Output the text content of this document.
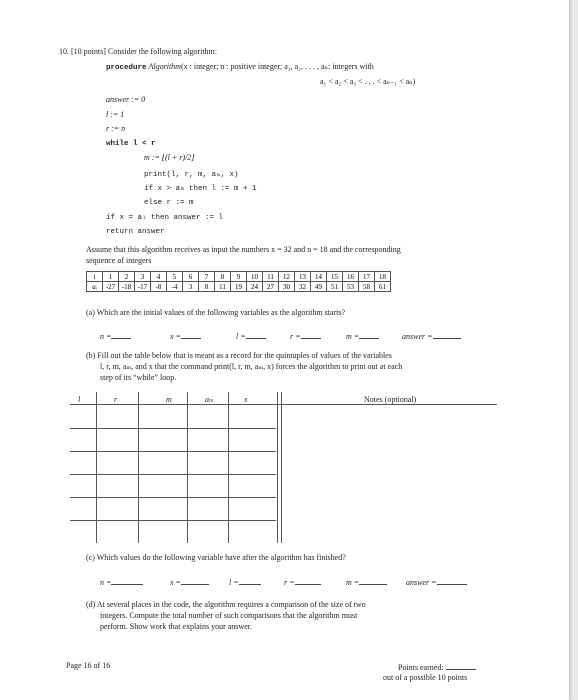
10. [10 points] Consider the following algorithm:
procedure Algorithm(x : integer; n : positive integer; a₁, a₂, . . . , aₙ: integers with
a₁ < a₂ < a₃ < . . . < aₙ₋₁ < aₙ)
answer := 0
l := 1
r := n
while l < r
m := ⌊(l + r)/2⌋
print(l, r, m, aₘ, x)
if x > aₘ then l := m + 1
else r := m
if x = aₗ then answer := l
return answer
Assume that this algorithm receives as input the numbers x = 32 and n = 18 and the corresponding
sequence of integers
i	1	2	3	4	5	6	7	8	9	10	11	12	13	14	15	16	17	18
aᵢ	-27	-18	-17	-8	-4	3	8	11	19	24	27	30	32	49	51	53	58	61
(a) Which are the initial values of the following variables as the algorithm starts?
n =	x =	l =	r =	m =	answer =
(b) Fill out the table below that is meant as a record for the quintuples of values of the variables
l, r, m, aₘ, and x that the command print(l, r, m, aₘ, x) forces the algorithm to print out at each
step of its “while” loop.
l	r	m	aₘ	x	Notes (optional)
(c) Which values do the following variable have after the algorithm has finished?
n =	x =	l =	r =	m =	answer =
(d) At several places in the code, the algorithm requires a comparison of the size of two
integers. Compute the total number of such comparisons that the algorithm must
perform. Show work that explains your answer.
Page 16 of 16	Points earned:
out of a possible 10 points
